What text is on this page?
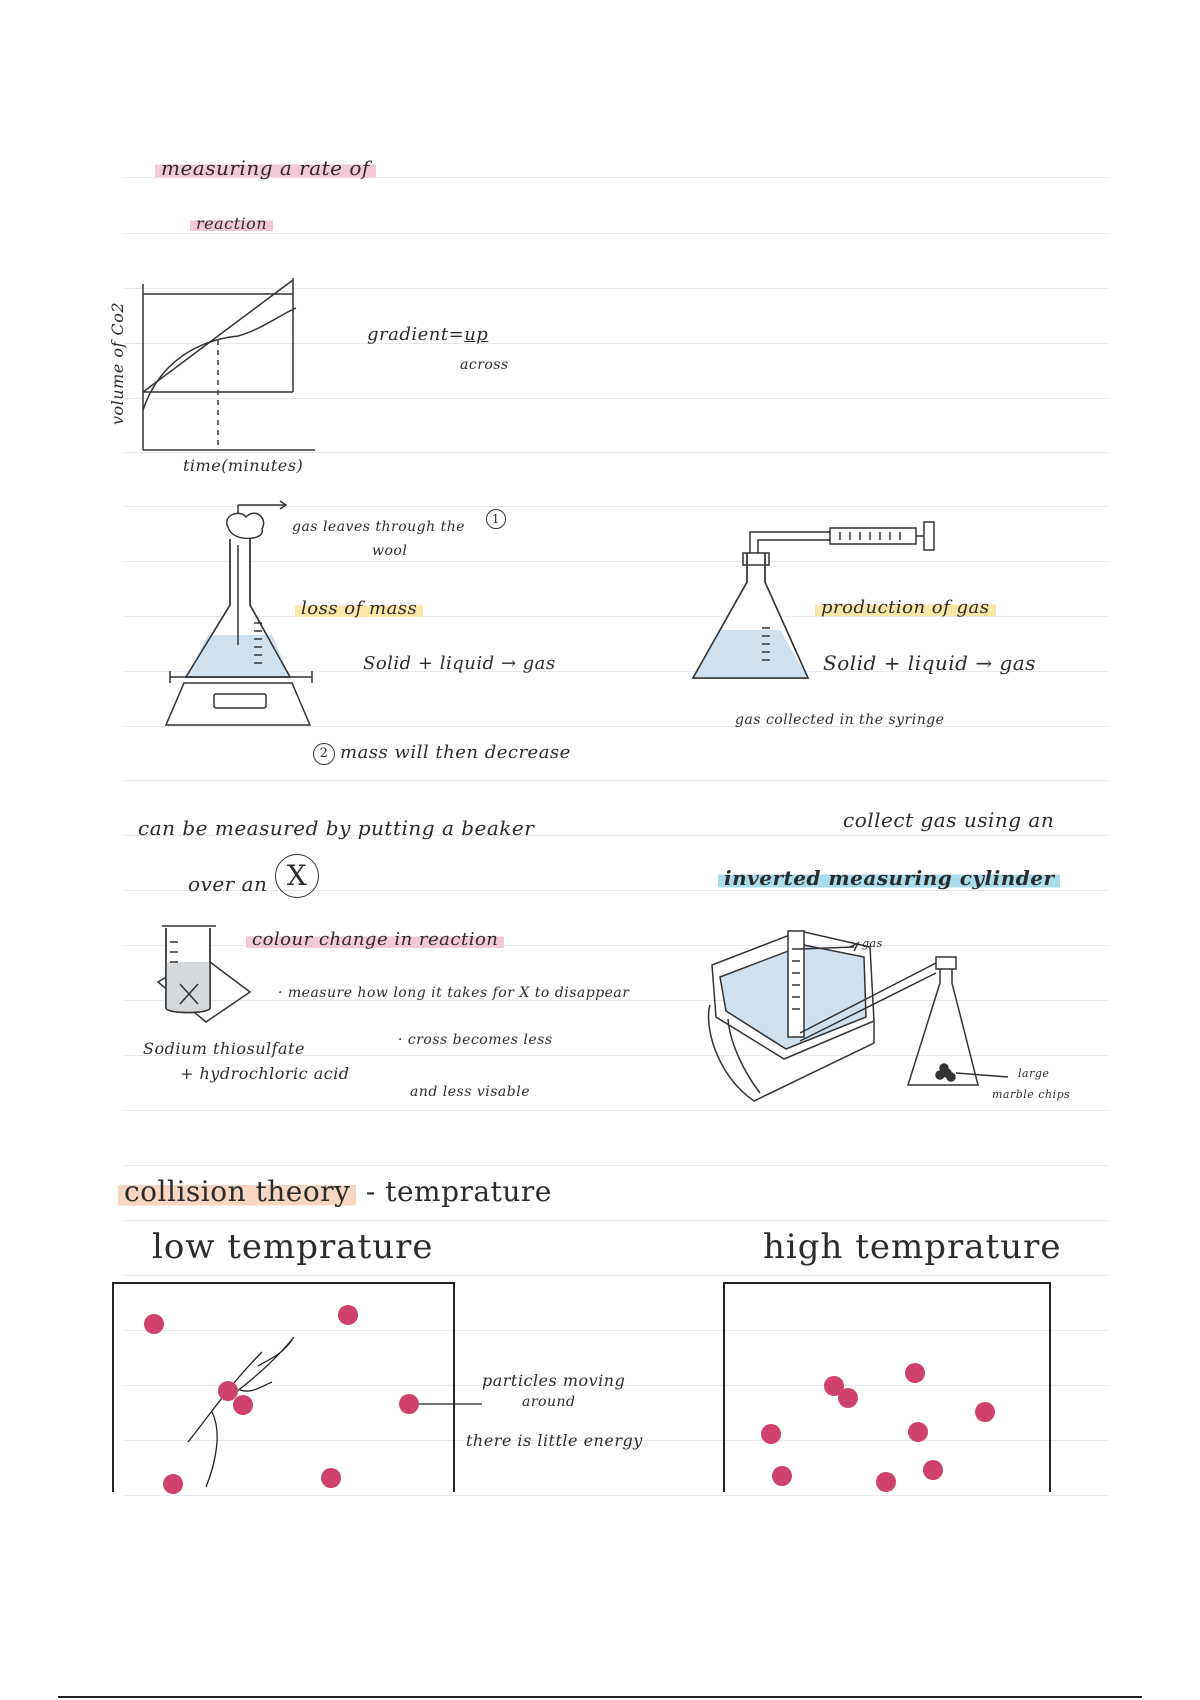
measuring a rate of
reaction
volume of Co2
time(minutes)
gradient=up
across
gas leaves through the	1
wool
loss of mass
Solid + liquid → gas
2 mass will then decrease
production of gas
Solid + liquid → gas
gas collected in the syringe
can be measured by putting a beaker
over an X
colour change in reaction
· measure how long it takes for X to disappear
· cross becomes less
and less visable
Sodium thiosulfate
+ hydrochloric acid
collect gas using an
inverted measuring cylinder
gas
large
marble chips
collision theory - temprature
low temprature	high temprature
particles moving
around
there is little energy
